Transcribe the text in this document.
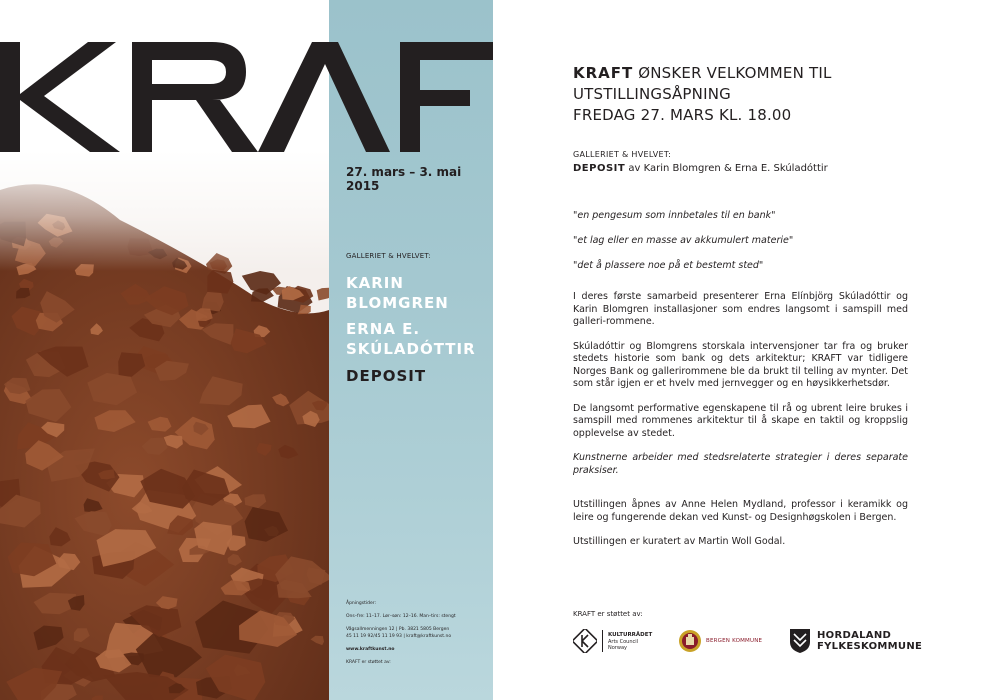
27. mars – 3. mai 2015
GALLERIET & HVELVET:

KARIN

BLOMGREN

ERNA E.

SKÚLADÓTTIR

DEPOSIT

Åpningstider:

Ons–fre: 11–17. Lør–søn: 12–16. Man–tirs: stengt

Vågsallmenningen 12 | Pb. 3821 5805 Bergen

45 11 19 92/45 11 19 93 | kraft@kraftkunst.no

www.kraftkunst.no

KRAFT er støttet av:

KRAFT ØNSKER VELKOMMEN TIL
UTSTILLINGSÅPNING
FREDAG 27. MARS KL. 18.00
GALLERIET & HVELVET:
DEPOSIT av Karin Blomgren & Erna E. Skúladóttir
"en pengesum som innbetales til en bank"
"et lag eller en masse av akkumulert materie"
"det å plassere noe på et bestemt sted"

I deres første samarbeid presenterer Erna Elínbjörg Skúladóttir og Karin Blomgren installasjoner som endres langsomt i samspill med galleri-rommene.

Skúladóttir og Blomgrens storskala intervensjoner tar fra og bruker stedets historie som bank og dets arkitektur; KRAFT var tidligere Norges Bank og gallerirommene ble da brukt til telling av mynter. Det som står igjen er et hvelv med jernvegger og en høysikkerhetsdør.

De langsomt performative egenskapene til rå og ubrent leire brukes i samspill med rommenes arkitektur til å skape en taktil og kroppslig opplevelse av stedet.

Kunstnerne arbeider med stedsrelaterte strategier i deres separate praksiser.

Utstillingen åpnes av Anne Helen Mydland, professor i keramikk og leire og fungerende dekan ved Kunst- og Designhøgskolen i Bergen.

Utstillingen er kuratert av Martin Woll Godal.

KRAFT er støttet av:
KULTURRÅDET
Arts Council
Norway
BERGEN KOMMUNE	HORDALAND
FYLKESKOMMUNE
